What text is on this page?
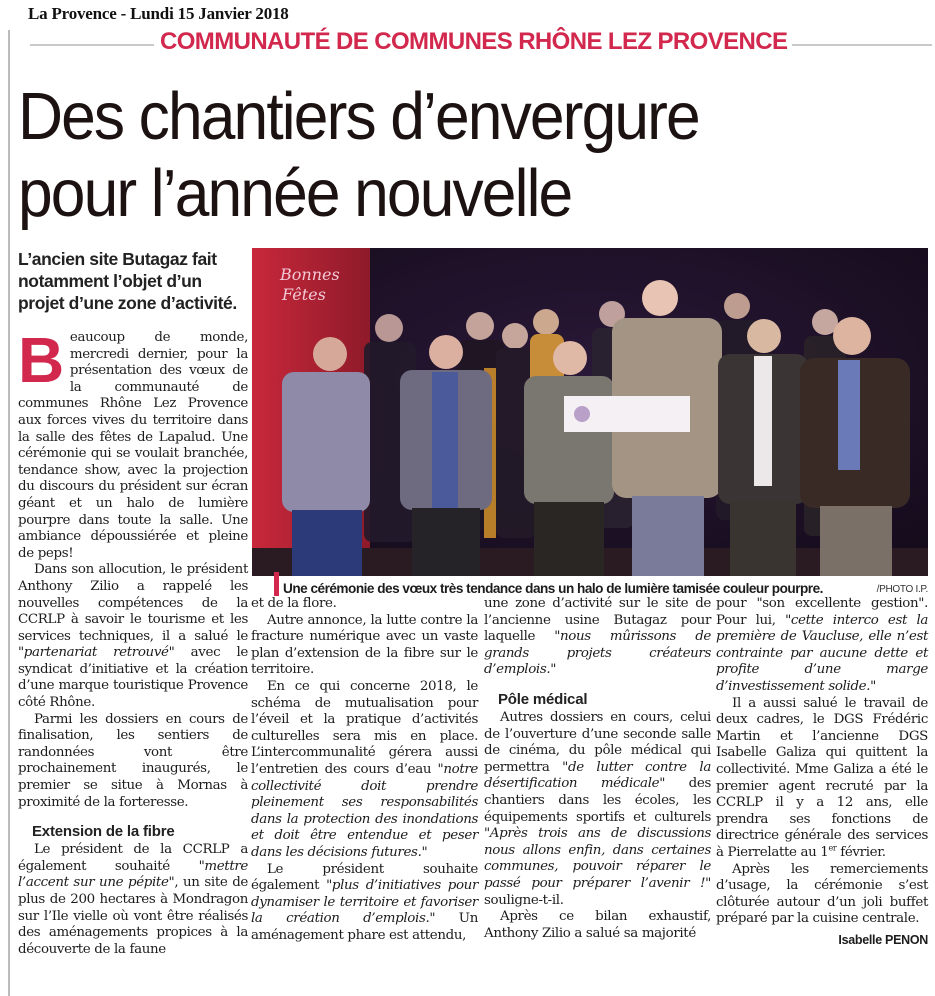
La Provence - Lundi 15 Janvier 2018
COMMUNAUTÉ DE COMMUNES RHÔNE LEZ PROVENCE
Des chantiers d’envergure
pour l’année nouvelle
L’ancien site Butagaz fait notamment l’objet d’un projet d’une zone d’activité.
Bonnes
Fêtes
Une cérémonie des vœux très tendance dans un halo de lumière tamisée couleur pourpre.	/PHOTO I.P.

Beaucoup de monde, mercredi dernier, pour la présentation des vœux de la communauté de communes Rhône Lez Provence aux forces vives du territoire dans la salle des fêtes de Lapalud. Une cérémonie qui se voulait branchée, tendance show, avec la projection du discours du président sur écran géant et un halo de lumière pourpre dans toute la salle. Une ambiance dépoussiérée et pleine de peps!

Dans son allocution, le président Anthony Zilio a rappelé les nouvelles compétences de la CCRLP à savoir le tourisme et les services techniques, il a salué le "partenariat retrouvé" avec le syndicat d’initiative et la création d’une marque touristique Provence côté Rhône.

Parmi les dossiers en cours de finalisation, les sentiers de randonnées vont être prochainement inaugurés, le premier se situe à Mornas à proximité de la forteresse.

Extension de la fibre

Le président de la CCRLP a également souhaité "mettre l’accent sur une pépite", un site de plus de 200 hectares à Mondragon sur l’Ile vielle où vont être réalisés des aménagements propices à la découverte de la faune

et de la flore.

Autre annonce, la lutte contre la fracture numérique avec un vaste plan d’extension de la fibre sur le territoire.

En ce qui concerne 2018, le schéma de mutualisation pour l’éveil et la pratique d’activités culturelles sera mis en place. L’intercommunalité gérera aussi l’entretien des cours d’eau "notre collectivité doit prendre pleinement ses responsabilités dans la protection des inondations et doit être entendue et peser dans les décisions futures."

Le président souhaite également "plus d’initiatives pour dynamiser le territoire et favoriser la création d’emplois." Un aménagement phare est attendu,

une zone d’activité sur le site de l’ancienne usine Butagaz pour laquelle "nous mûrissons de grands projets créateurs d’emplois."

Pôle médical

Autres dossiers en cours, celui de l’ouverture d’une seconde salle de cinéma, du pôle médical qui permettra "de lutter contre la désertification médicale" des chantiers dans les écoles, les équipements sportifs et culturels "Après trois ans de discussions nous allons enfin, dans certaines communes, pouvoir réparer le passé pour préparer l’avenir !" souligne-t-il.

Après ce bilan exhaustif, Anthony Zilio a salué sa majorité

pour "son excellente gestion". Pour lui, "cette interco est la première de Vaucluse, elle n’est contrainte par aucune dette et profite d’une marge d’investissement solide."

Il a aussi salué le travail de deux cadres, le DGS Frédéric Martin et l’ancienne DGS Isabelle Galiza qui quittent la collectivité. Mme Galiza a été le premier agent recruté par la CCRLP il y a 12 ans, elle prendra ses fonctions de directrice générale des services à Pierrelatte au 1er février.

Après les remerciements d’usage, la cérémonie s’est clôturée autour d’un joli buffet préparé par la cuisine centrale.

Isabelle PENON
